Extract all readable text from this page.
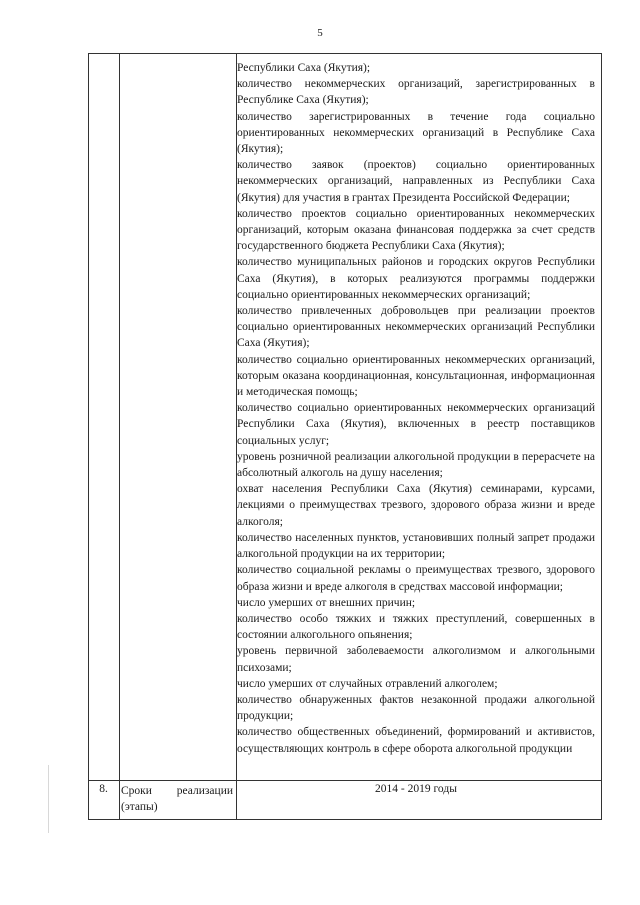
5
Республики Саха (Якутия);
количество некоммерческих организаций, зарегистрированных в Республике Саха (Якутия);
количество зарегистрированных в течение года социально ориентированных некоммерческих организаций в Республике Саха (Якутия);
количество заявок (проектов) социально ориентированных некоммерческих организаций, направленных из Республики Саха (Якутия) для участия в грантах Президента Российской Федерации;
количество проектов социально ориентированных некоммерческих организаций, которым оказана финансовая поддержка за счет средств государственного бюджета Республики Саха (Якутия);
количество муниципальных районов и городских округов Республики Саха (Якутия), в которых реализуются программы поддержки социально ориентированных некоммерческих организаций;
количество привлеченных добровольцев при реализации проектов социально ориентированных некоммерческих организаций Республики Саха (Якутия);
количество социально ориентированных некоммерческих организаций, которым оказана координационная, консультационная, информационная и методическая помощь;
количество социально ориентированных некоммерческих организаций Республики Саха (Якутия), включенных в реестр поставщиков социальных услуг;
уровень розничной реализации алкогольной продукции в перерасчете на абсолютный алкоголь на душу населения;
охват населения Республики Саха (Якутия) семинарами, курсами, лекциями о преимуществах трезвого, здорового образа жизни и вреде алкоголя;
количество населенных пунктов, установивших полный запрет продажи алкогольной продукции на их территории;
количество социальной рекламы о преимуществах трезвого, здорового образа жизни и вреде алкоголя в средствах массовой информации;
число умерших от внешних причин;
количество особо тяжких и тяжких преступлений, совершенных в состоянии алкогольного опьянения;
уровень первичной заболеваемости алкоголизмом и алкогольными психозами;
число умерших от случайных отравлений алкоголем;
количество обнаруженных фактов незаконной продажи алкогольной продукции;
количество общественных объединений, формирований и активистов, осуществляющих контроль в сфере оборота алкогольной продукции
8.	Сроки реализации
(этапы)
2014 - 2019 годы
